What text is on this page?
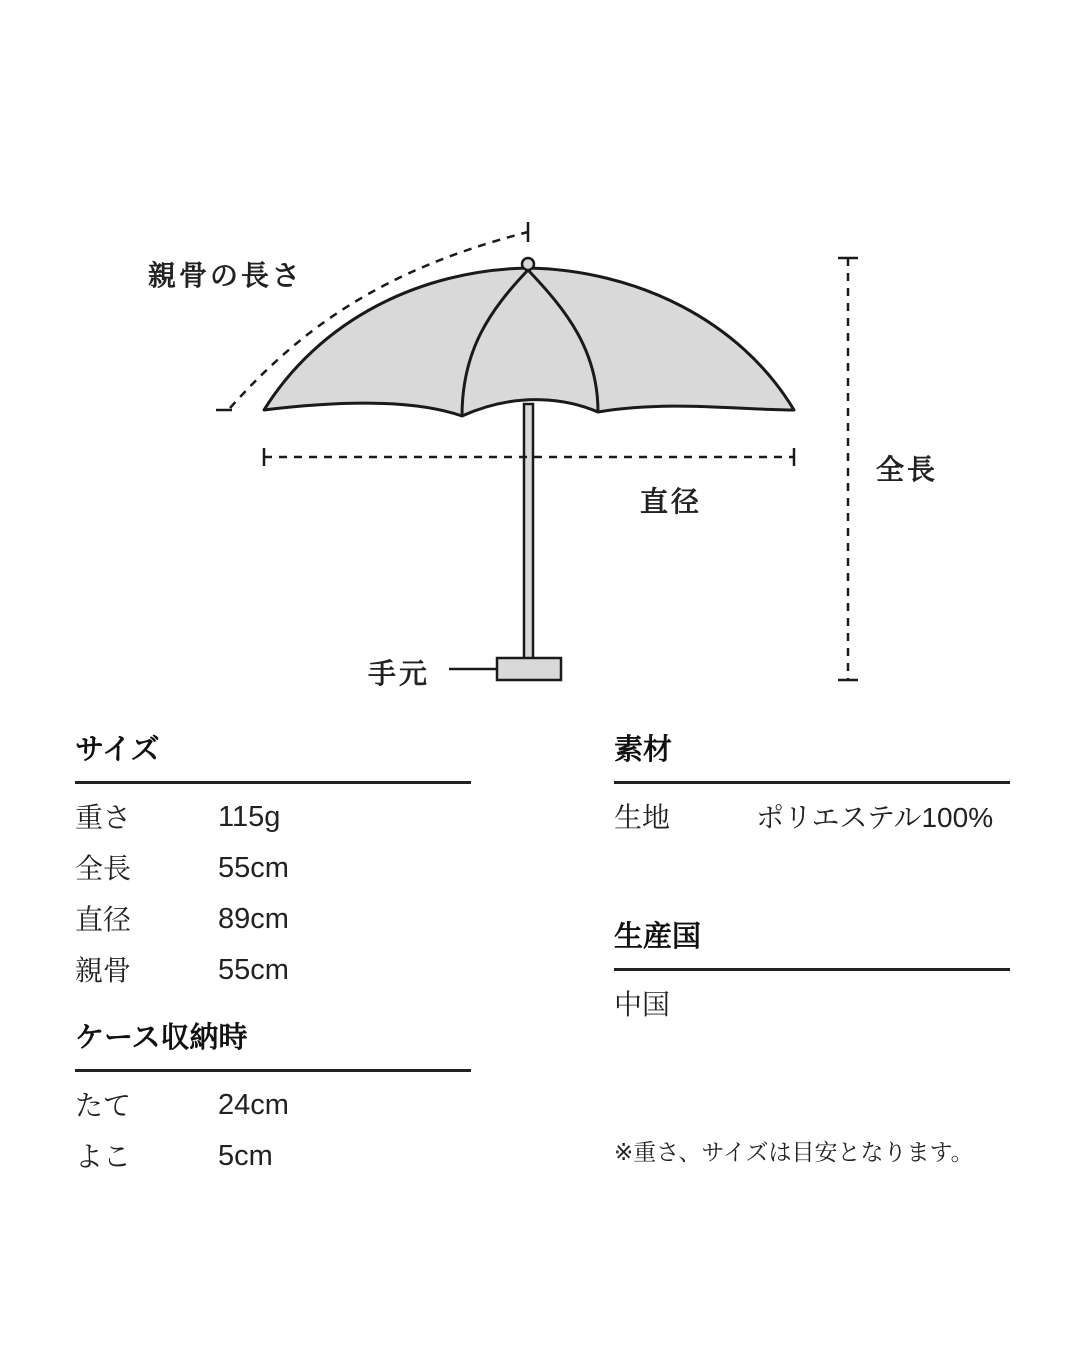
親骨の長さ
直径
全長
手元
サイズ
重さ	115g
全長	55cm
直径	89cm
親骨	55cm
ケース収納時
たて	24cm
よこ	5cm
素材
生地	ポリエステル100%
生産国
中国
※重さ、サイズは目安となります。
